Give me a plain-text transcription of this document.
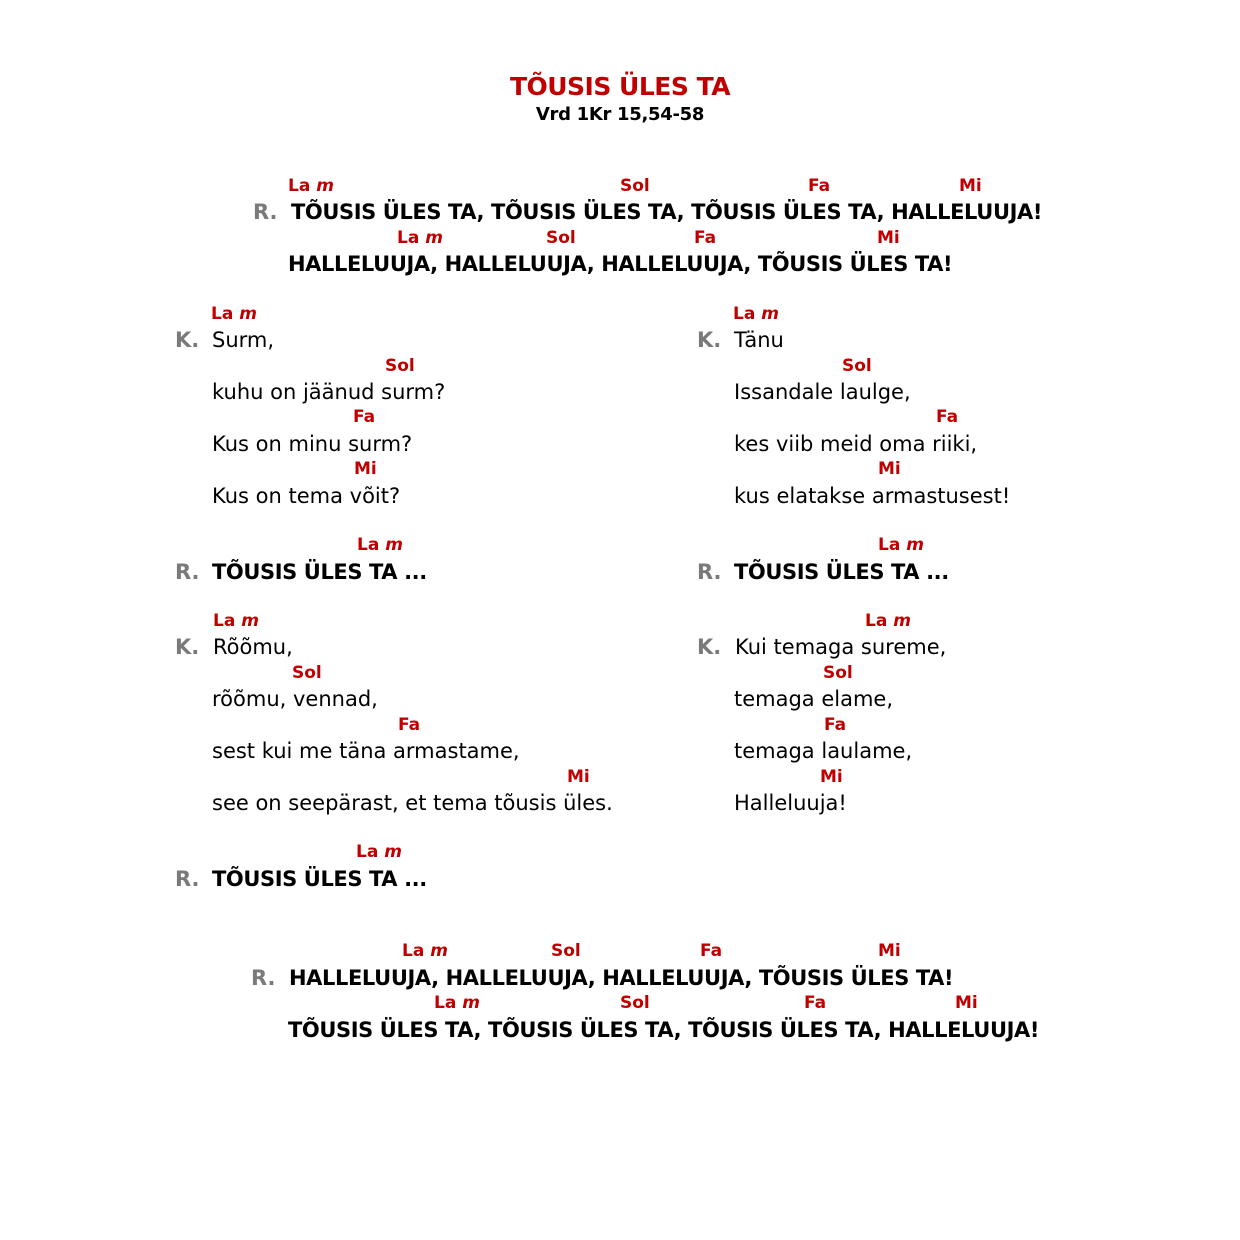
TÕUSIS ÜLES TA
Vrd 1Kr 15,54-58
La m	Sol	Fa	Mi
R. TÕUSIS ÜLES TA, TÕUSIS ÜLES TA, TÕUSIS ÜLES TA, HALLELUUJA!
La m	Sol	Fa	Mi
HALLELUUJA, HALLELUUJA, HALLELUUJA, TÕUSIS ÜLES TA!
La m
K. Surm,
Sol
kuhu on jäänud surm?
Fa
Kus on minu surm?
Mi
Kus on tema võit?
La m
K. Tänu
Sol
Issandale laulge,
Fa
kes viib meid oma riiki,
Mi
kus elatakse armastusest!
La m
R. TÕUSIS ÜLES TA ...
La m
R. TÕUSIS ÜLES TA ...
La m
K. Rõõmu,
Sol
rõõmu, vennad,
Fa
sest kui me täna armastame,
Mi
see on seepärast, et tema tõusis üles.
La m
K. Kui temaga sureme,
Sol
temaga elame,
Fa
temaga laulame,
Mi
Halleluuja!
La m
R. TÕUSIS ÜLES TA ...
La m	Sol	Fa	Mi
R. HALLELUUJA, HALLELUUJA, HALLELUUJA, TÕUSIS ÜLES TA!
La m	Sol	Fa	Mi
TÕUSIS ÜLES TA, TÕUSIS ÜLES TA, TÕUSIS ÜLES TA, HALLELUUJA!
